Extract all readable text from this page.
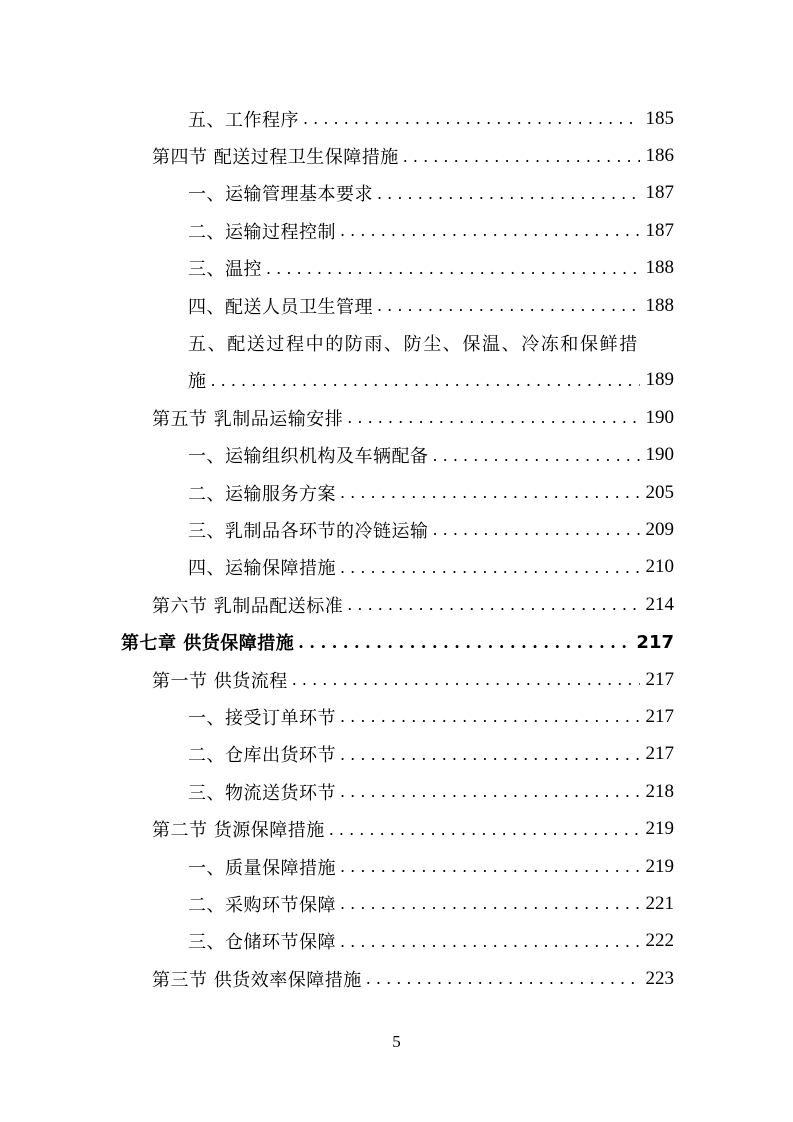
五、工作程序 . . .	185
第四节 配送过程卫生保障措施 . . .	186
一、运输管理基本要求 . . .	187
二、运输过程控制 . . .	187
三、温控 . . .	188
四、配送人员卫生管理 . . .	188
五、配送过程中的防雨、防尘、保温、冷冻和保鲜措
施 . . .	189
第五节 乳制品运输安排 . . .	190
一、运输组织机构及车辆配备 . . .	190
二、运输服务方案 . . .	205
三、乳制品各环节的冷链运输 . . .	209
四、运输保障措施 . . .	210
第六节 乳制品配送标准 . . .	214
第七章 供货保障措施 . . .	217
第一节 供货流程 . . .	217
一、接受订单环节 . . .	217
二、仓库出货环节 . . .	217
三、物流送货环节 . . .	218
第二节 货源保障措施 . . .	219
一、质量保障措施 . . .	219
二、采购环节保障 . . .	221
三、仓储环节保障 . . .	222
第三节 供货效率保障措施 . . .	223
5
